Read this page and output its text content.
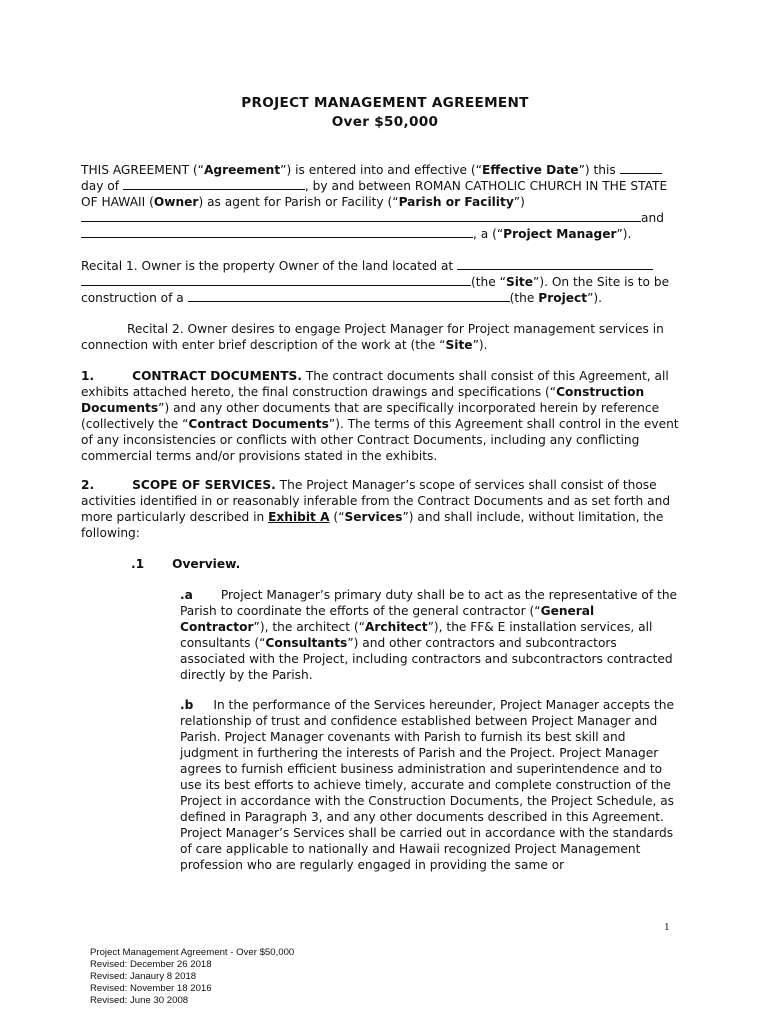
PROJECT MANAGEMENT AGREEMENT
Over $50,000

THIS AGREEMENT (“Agreement”) is entered into and effective (“Effective Date”) this
day of	, by and between ROMAN CATHOLIC CHURCH IN THE STATE OF HAWAII (Owner) as agent for Parish or Facility (“Parish or Facility”)
and
, a (“Project Manager”).

Recital 1. Owner is the property Owner of the land located at
(the “Site”). On the Site is to be construction of a	(the Project”).

Recital 2. Owner desires to engage Project Manager for Project management services in connection with enter brief description of the work at (the “Site”).

1.	CONTRACT DOCUMENTS. The contract documents shall consist of this Agreement, all exhibits attached hereto, the final construction drawings and specifications (“Construction Documents”) and any other documents that are specifically incorporated herein by reference (collectively the “Contract Documents”). The terms of this Agreement shall control in the event of any inconsistencies or conflicts with other Contract Documents, including any conflicting commercial terms and/or provisions stated in the exhibits.

2.	SCOPE OF SERVICES. The Project Manager’s scope of services shall consist of those activities identified in or reasonably inferable from the Contract Documents and as set forth and more particularly described in Exhibit A (“Services”) and shall include, without limitation, the following:

.1 Overview.

.a Project Manager’s primary duty shall be to act as the representative of the Parish to coordinate the efforts of the general contractor (“General Contractor”), the architect (“Architect”), the FF& E installation services, all consultants (“Consultants”) and other contractors and subcontractors associated with the Project, including contractors and subcontractors contracted directly by the Parish.

.b In the performance of the Services hereunder, Project Manager accepts the relationship of trust and confidence established between Project Manager and Parish. Project Manager covenants with Parish to furnish its best skill and judgment in furthering the interests of Parish and the Project. Project Manager agrees to furnish efficient business administration and superintendence and to use its best efforts to achieve timely, accurate and complete construction of the Project in accordance with the Construction Documents, the Project Schedule, as defined in Paragraph 3, and any other documents described in this Agreement. Project Manager’s Services shall be carried out in accordance with the standards of care applicable to nationally and Hawaii recognized Project Management profession who are regularly engaged in providing the same or

1
Project Management Agreement - Over $50,000
Revised: December 26 2018
Revised: Janaury 8 2018
Revised: November 18 2016
Revised: June 30 2008
